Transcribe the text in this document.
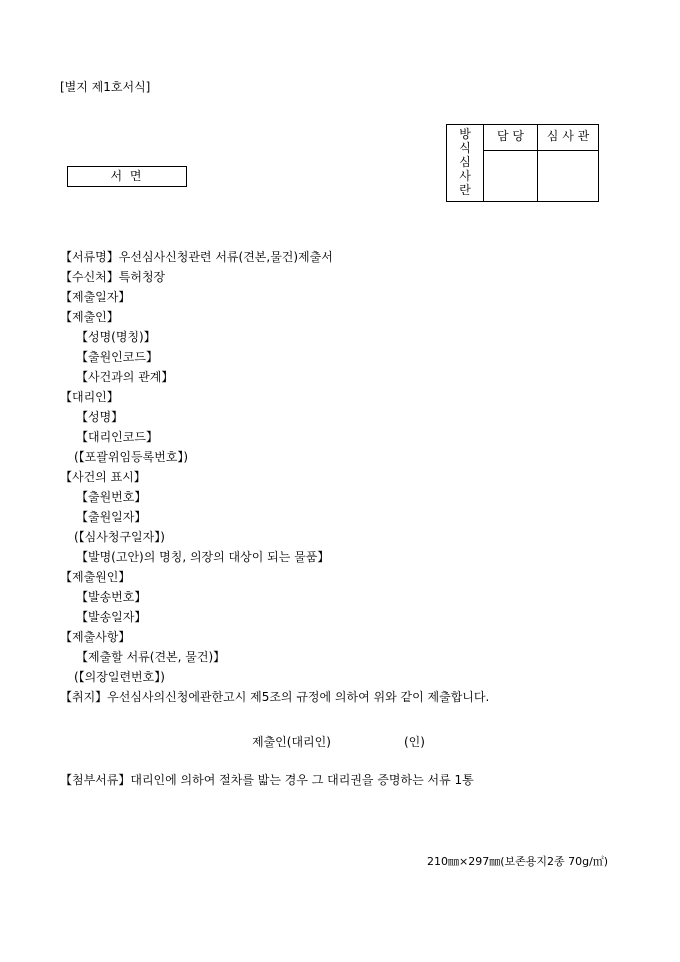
[별지 제1호서식]
서 면
방
식
심
사
란
담 당	심 사 관
【서류명】우선심사신청관련 서류(견본,물건)제출서
【수신처】특허청장
【제출일자】
【제출인】
【성명(명칭)】
【출원인코드】
【사건과의 관계】
【대리인】
【성명】
【대리인코드】
(【포괄위임등록번호】)
【사건의 표시】
【출원번호】
【출원일자】
(【심사청구일자】)
【발명(고안)의 명칭, 의장의 대상이 되는 물품】
【제출원인】
【발송번호】
【발송일자】
【제출사항】
【제출할 서류(견본, 물건)】
(【의장일련번호】)
【취지】우선심사의신청에관한고시 제5조의 규정에 의하여 위와 같이 제출합니다.
제출인(대리인)	(인)
【첨부서류】대리인에 의하여 절차를 밟는 경우 그 대리권을 증명하는 서류 1통
210㎜×297㎜(보존용지2종 70g/㎡)
